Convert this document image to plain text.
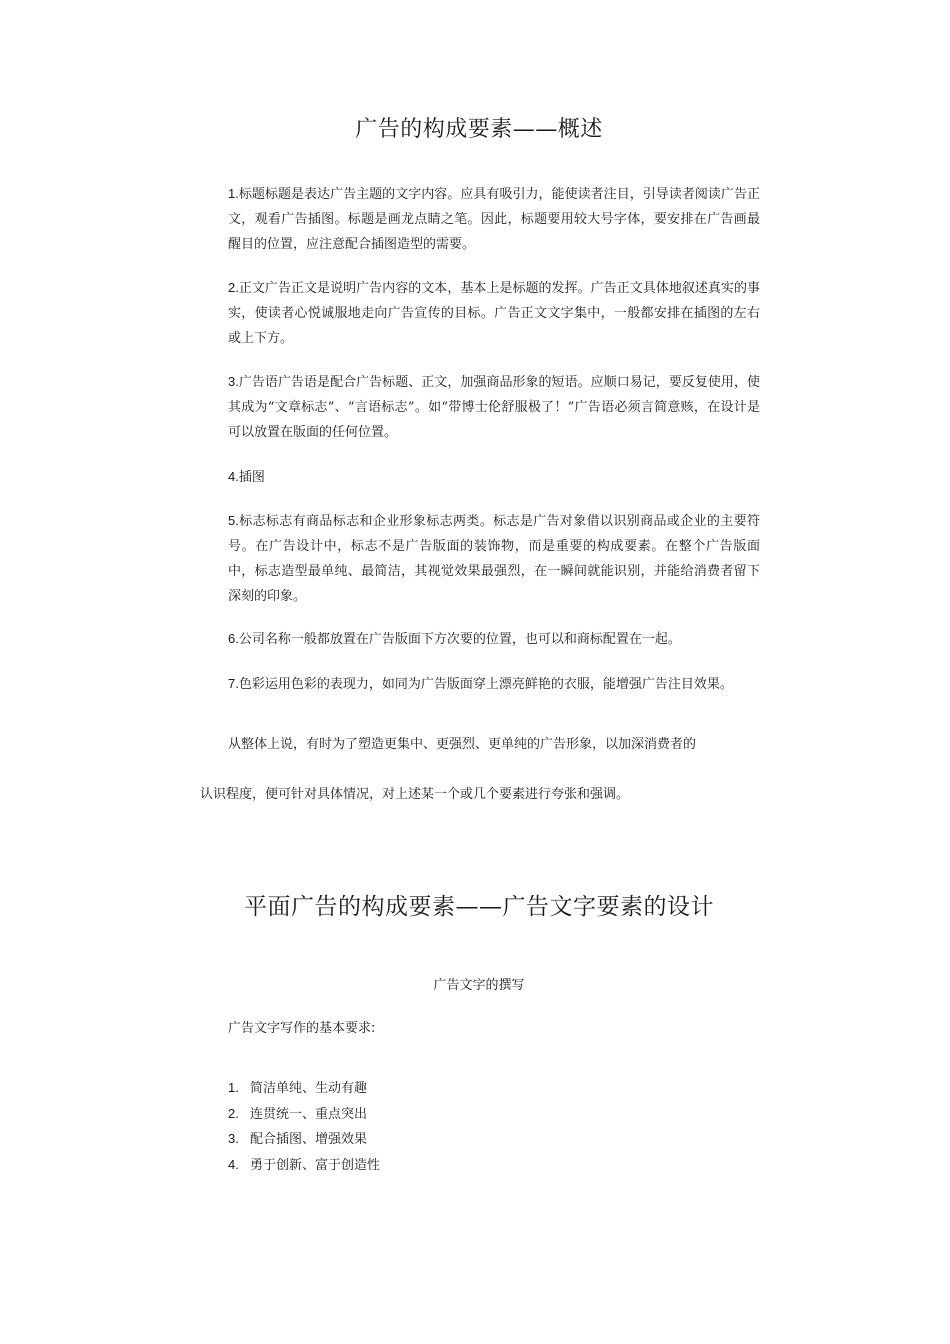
广告的构成要素——概述

1.标题标题是表达广告主题的文字内容。应具有吸引力，能使读者注目，引导读者阅读广告正文，观看广告插图。标题是画龙点睛之笔。因此，标题要用较大号字体，要安排在广告画最醒目的位置，应注意配合插图造型的需要。

2.正文广告正文是说明广告内容的文本，基本上是标题的发挥。广告正文具体地叙述真实的事实，使读者心悦诚服地走向广告宣传的目标。广告正文文字集中，一般都安排在插图的左右或上下方。

3.广告语广告语是配合广告标题、正文，加强商品形象的短语。应顺口易记，要反复使用，使其成为“文章标志”、“言语标志”。如“带博士伦舒服极了！”广告语必须言简意赅，在设计是可以放置在版面的任何位置。

4.插图

5.标志标志有商品标志和企业形象标志两类。标志是广告对象借以识别商品或企业的主要符号。在广告设计中，标志不是广告版面的装饰物，而是重要的构成要素。在整个广告版面中，标志造型最单纯、最简洁，其视觉效果最强烈，在一瞬间就能识别，并能给消费者留下深刻的印象。

6.公司名称一般都放置在广告版面下方次要的位置，也可以和商标配置在一起。

7.色彩运用色彩的表现力，如同为广告版面穿上漂亮鲜艳的衣服，能增强广告注目效果。

从整体上说，有时为了塑造更集中、更强烈、更单纯的广告形象，以加深消费者的

认识程度，便可针对具体情况，对上述某一个或几个要素进行夸张和强调。

平面广告的构成要素——广告文字要素的设计

广告文字的撰写

广告文字写作的基本要求:

1. 简洁单纯、生动有趣
2. 连贯统一、重点突出
3. 配合插图、增强效果
4. 勇于创新、富于创造性
